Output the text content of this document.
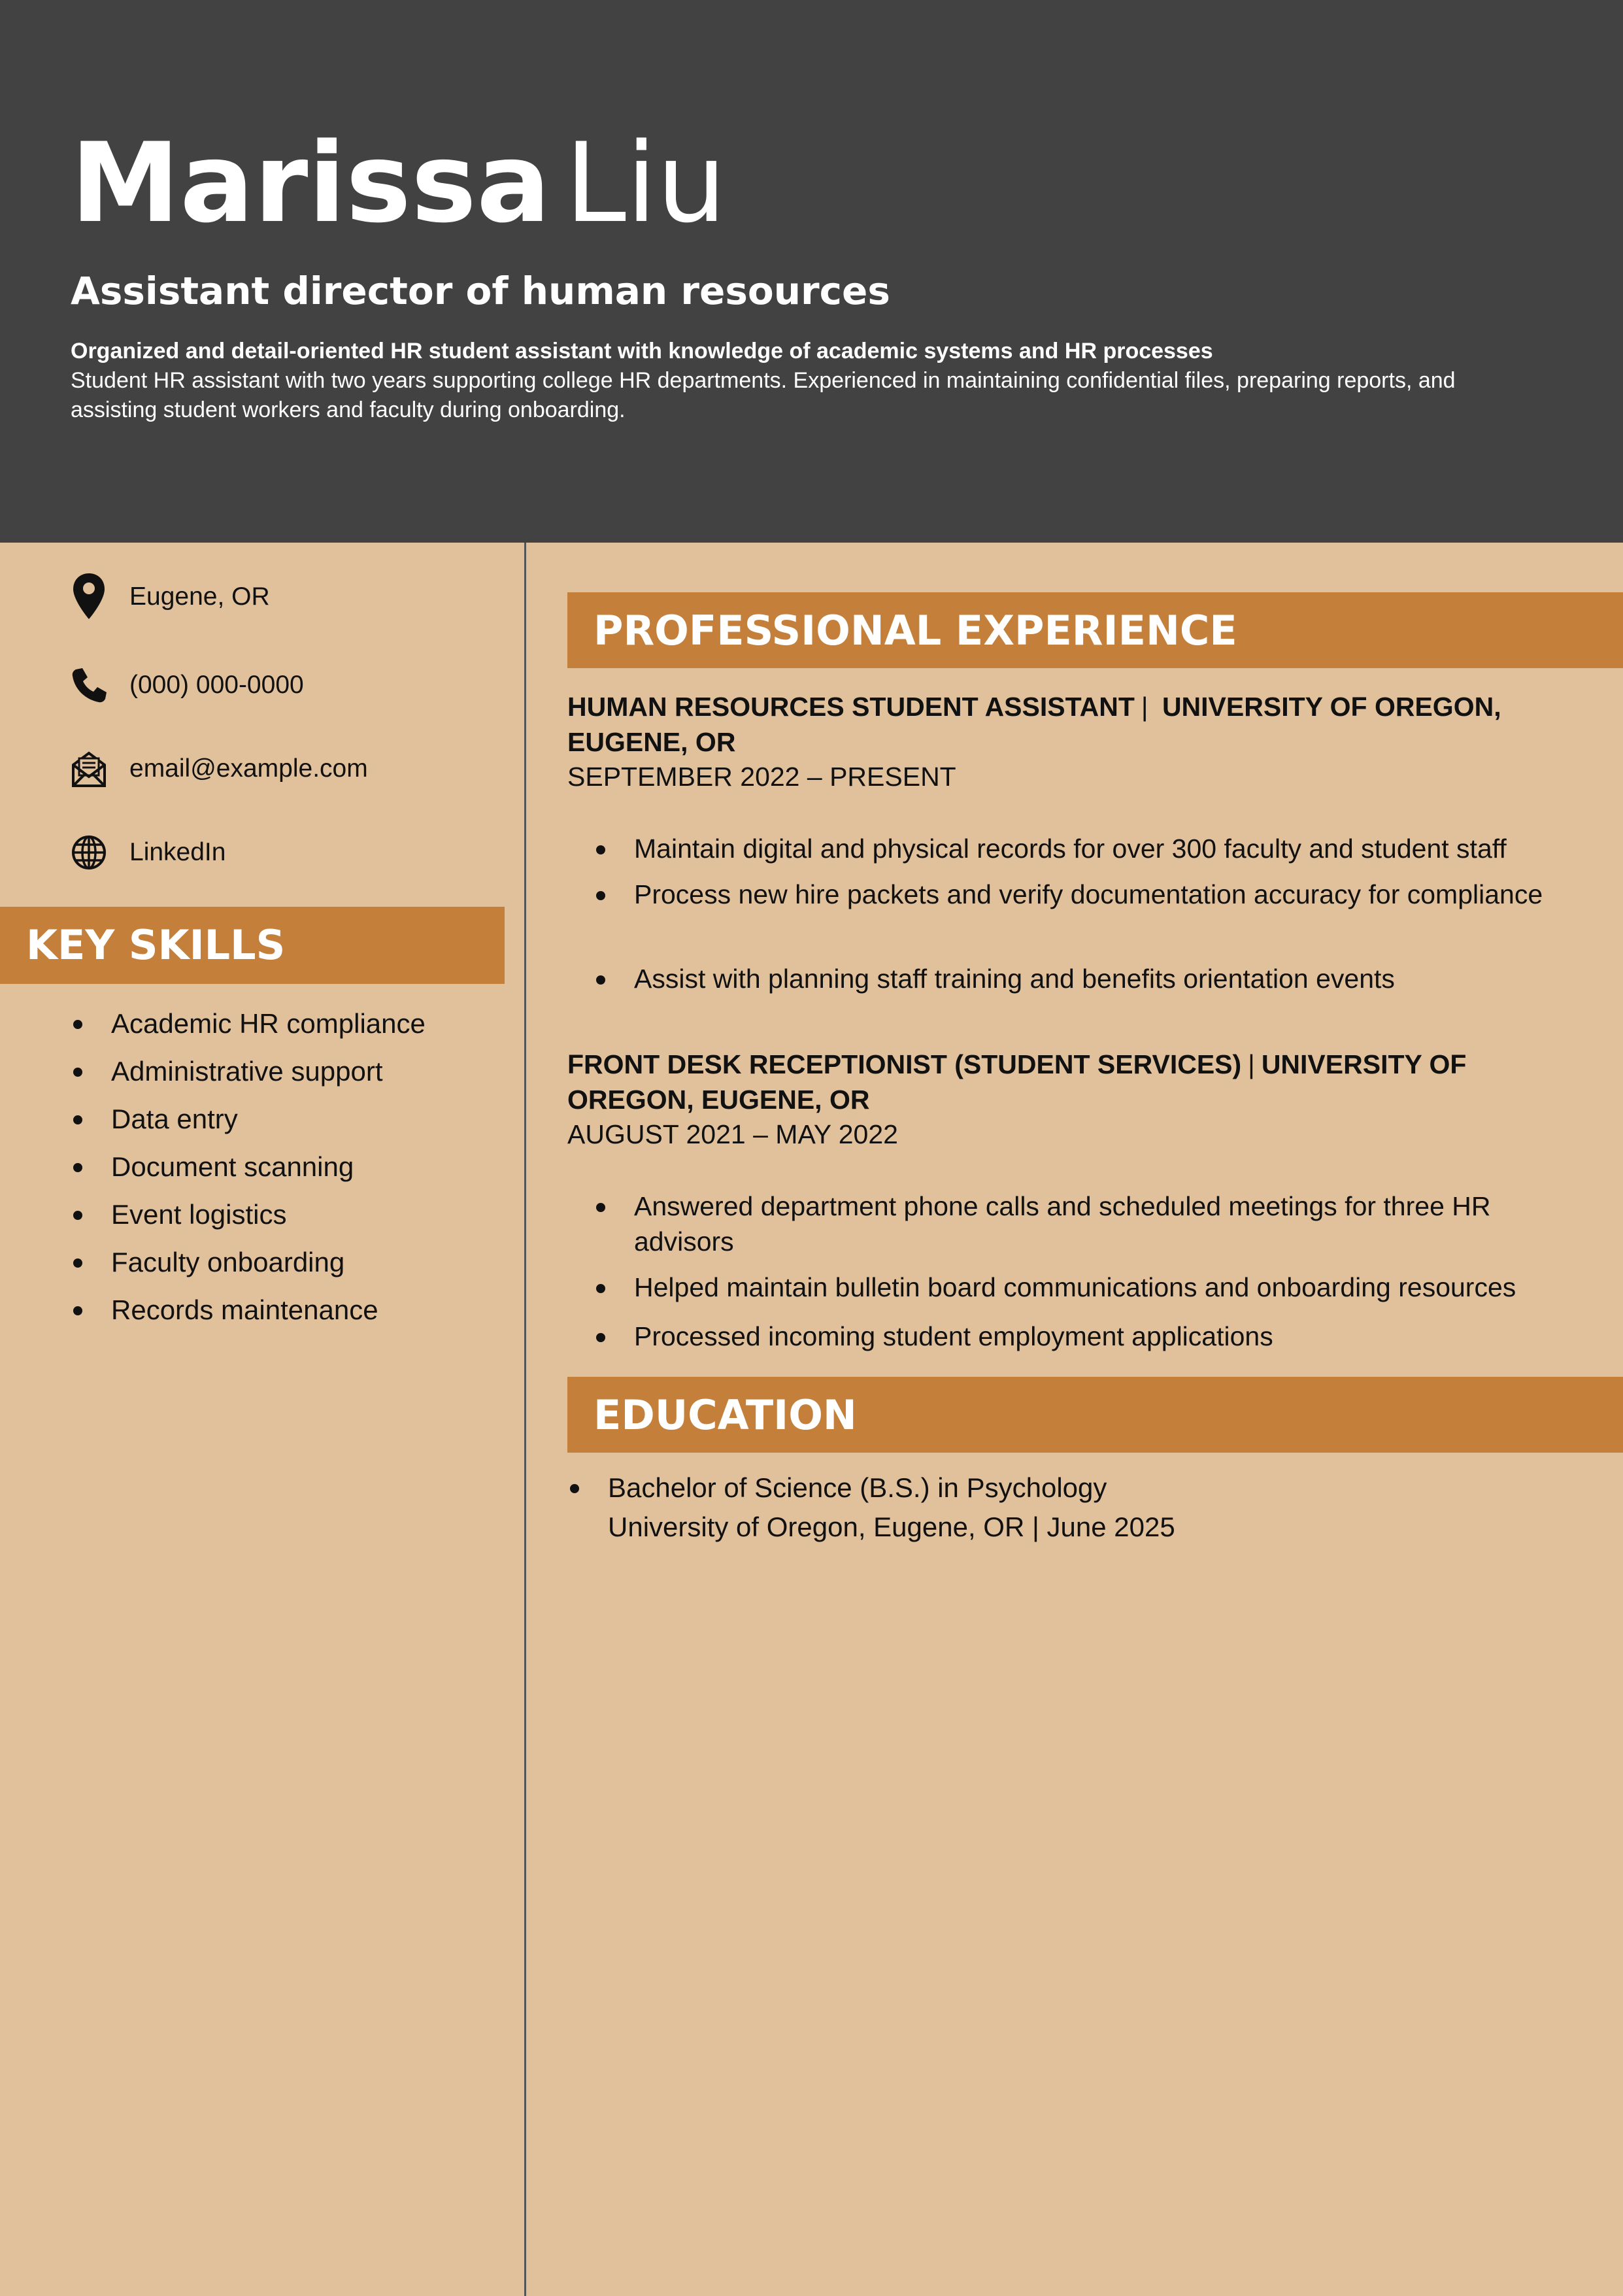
Marissa Liu
Assistant director of human resources
Organized and detail-oriented HR student assistant with knowledge of academic systems and HR processes
Student HR assistant with two years supporting college HR departments. Experienced in maintaining confidential files, preparing reports, and assisting student workers and faculty during onboarding.
Eugene, OR
(000) 000-0000
email@example.com
LinkedIn
KEY SKILLS
Academic HR compliance
Administrative support
Data entry
Document scanning
Event logistics
Faculty onboarding
Records maintenance
PROFESSIONAL EXPERIENCE
HUMAN RESOURCES STUDENT ASSISTANT | UNIVERSITY OF OREGON, EUGENE, OR
SEPTEMBER 2022 – PRESENT
Maintain digital and physical records for over 300 faculty and student staff
Process new hire packets and verify documentation accuracy for compliance
Assist with planning staff training and benefits orientation events
FRONT DESK RECEPTIONIST (STUDENT SERVICES) | UNIVERSITY OF OREGON, EUGENE, OR
AUGUST 2021 – MAY 2022
Answered department phone calls and scheduled meetings for three HR advisors
Helped maintain bulletin board communications and onboarding resources
Processed incoming student employment applications
EDUCATION
Bachelor of Science (B.S.) in Psychology
University of Oregon, Eugene, OR | June 2025
